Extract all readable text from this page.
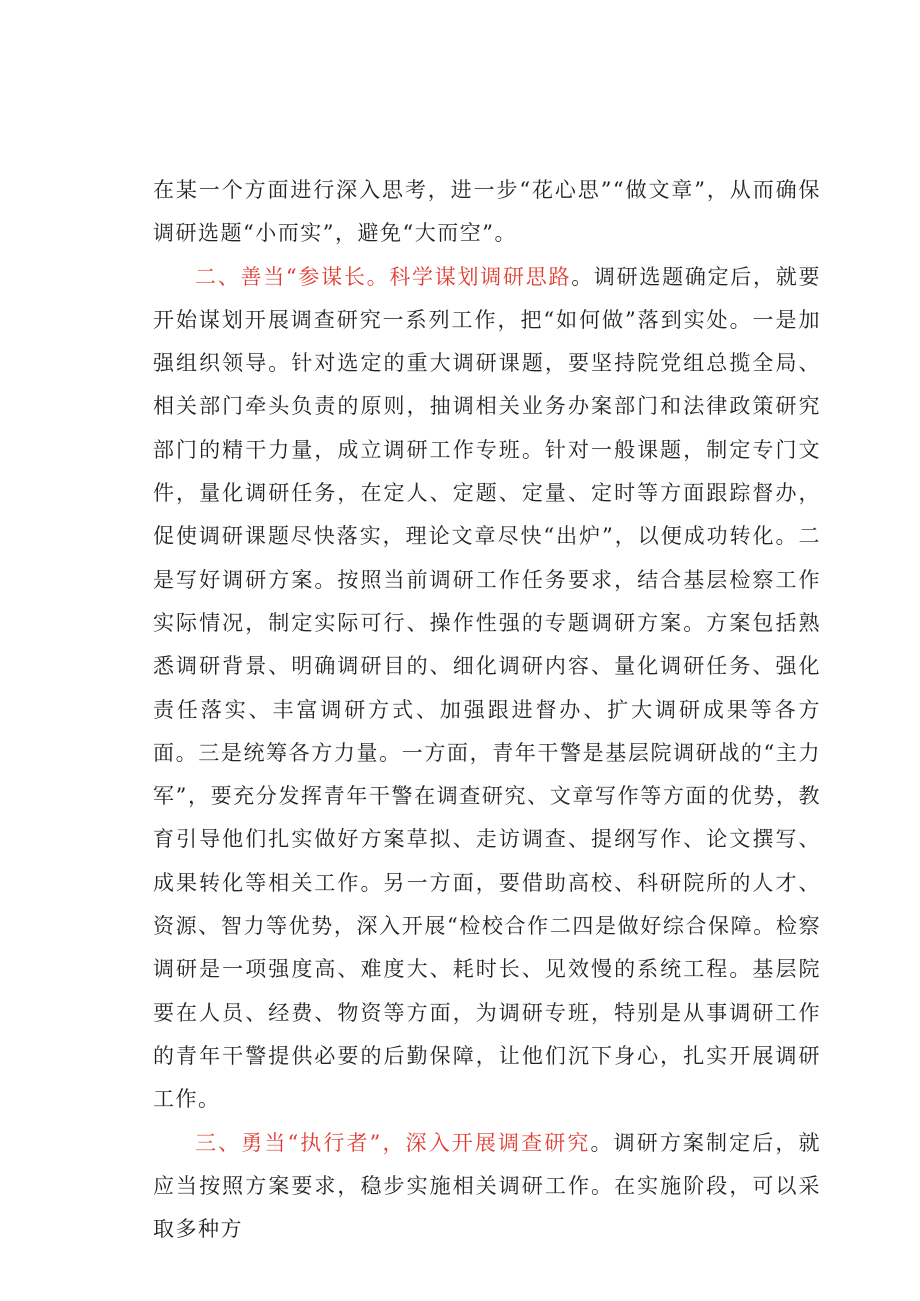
在某一个方面进行深入思考，进一步“花心思”“做文章”，从而确保调研选题“小而实”，避免“大而空”。

二、善当“参谋长。科学谋划调研思路。调研选题确定后，就要开始谋划开展调查研究一系列工作，把“如何做”落到实处。一是加强组织领导。针对选定的重大调研课题，要坚持院党组总揽全局、相关部门牵头负责的原则，抽调相关业务办案部门和法律政策研究部门的精干力量，成立调研工作专班。针对一般课题，制定专门文件，量化调研任务，在定人、定题、定量、定时等方面跟踪督办，促使调研课题尽快落实，理论文章尽快“出炉”，以便成功转化。二是写好调研方案。按照当前调研工作任务要求，结合基层检察工作实际情况，制定实际可行、操作性强的专题调研方案。方案包括熟悉调研背景、明确调研目的、细化调研内容、量化调研任务、强化责任落实、丰富调研方式、加强跟进督办、扩大调研成果等各方面。三是统筹各方力量。一方面，青年干警是基层院调研战的“主力军”，要充分发挥青年干警在调查研究、文章写作等方面的优势，教育引导他们扎实做好方案草拟、走访调查、提纲写作、论文撰写、成果转化等相关工作。另一方面，要借助高校、科研院所的人才、资源、智力等优势，深入开展“检校合作二四是做好综合保障。检察调研是一项强度高、难度大、耗时长、见效慢的系统工程。基层院要在人员、经费、物资等方面，为调研专班，特别是从事调研工作的青年干警提供必要的后勤保障，让他们沉下身心，扎实开展调研工作。

三、勇当“执行者”，深入开展调查研究。调研方案制定后，就应当按照方案要求，稳步实施相关调研工作。在实施阶段，可以采取多种方
